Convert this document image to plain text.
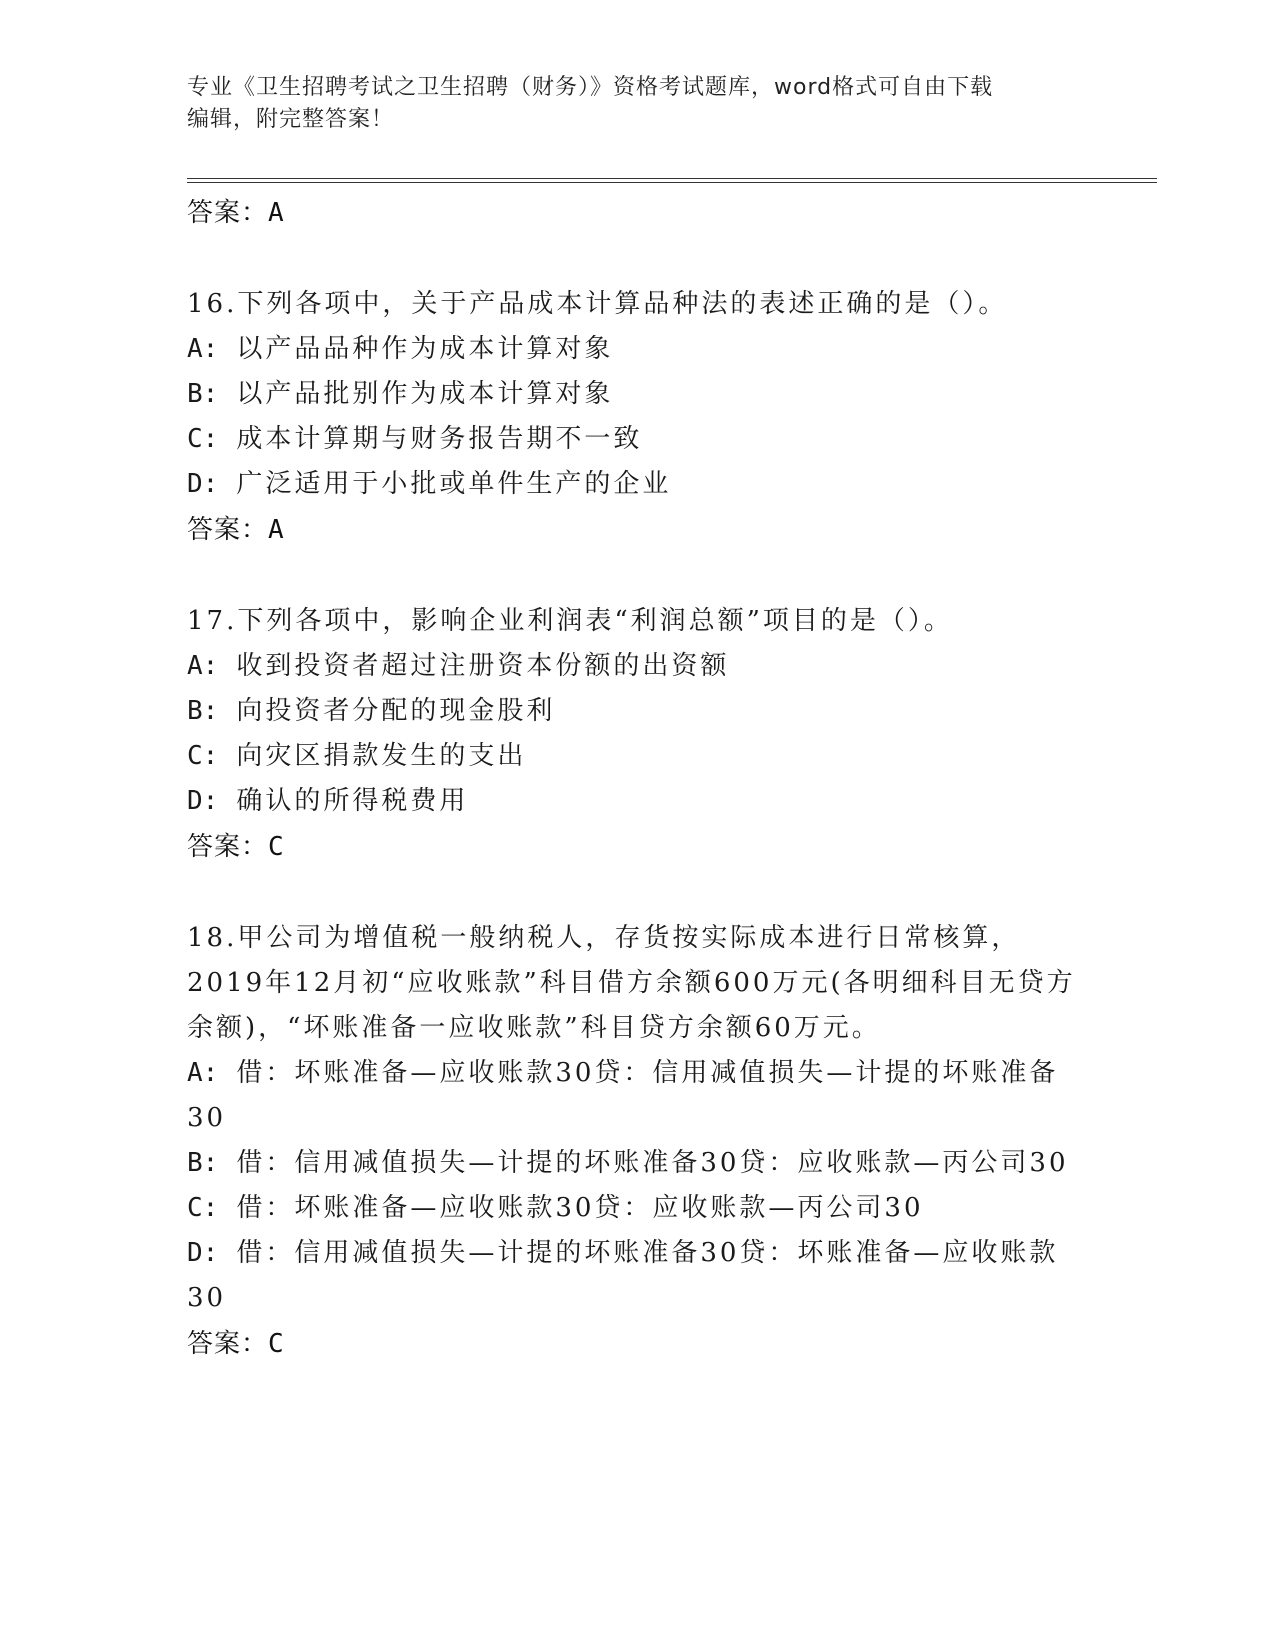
专业《卫生招聘考试之卫生招聘（财务）》资格考试题库，word格式可自由下载
编辑，附完整答案！
答案：A
16.下列各项中，关于产品成本计算品种法的表述正确的是（）。
A: 以产品品种作为成本计算对象
B: 以产品批别作为成本计算对象
C: 成本计算期与财务报告期不一致
D: 广泛适用于小批或单件生产的企业
答案：A
17.下列各项中，影响企业利润表“利润总额”项目的是（）。
A: 收到投资者超过注册资本份额的出资额
B: 向投资者分配的现金股利
C: 向灾区捐款发生的支出
D: 确认的所得税费用
答案：C
18.甲公司为增值税一般纳税人，存货按实际成本进行日常核算，2019年12月初“应收账款”科目借方余额600万元(各明细科目无贷方余额)，“坏账准备一应收账款”科目贷方余额60万元。
A: 借：坏账准备—应收账款30贷：信用减值损失—计提的坏账准备30
B: 借：信用减值损失—计提的坏账准备30贷：应收账款—丙公司30
C: 借：坏账准备—应收账款30贷：应收账款—丙公司30
D: 借：信用减值损失—计提的坏账准备30贷：坏账准备—应收账款30
答案：C
